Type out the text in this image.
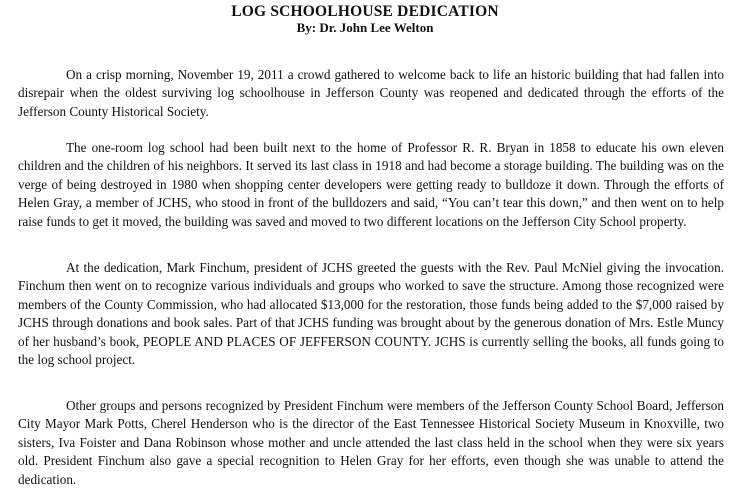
LOG SCHOOLHOUSE DEDICATION
By: Dr. John Lee Welton

On a crisp morning, November 19, 2011 a crowd gathered to welcome back to life an historic building that had fallen into disrepair when the oldest surviving log schoolhouse in Jefferson County was reopened and dedicated through the efforts of the Jefferson County Historical Society.

The one-room log school had been built next to the home of Professor R. R. Bryan in 1858 to educate his own eleven children and the children of his neighbors. It served its last class in 1918 and had become a storage building. The building was on the verge of being destroyed in 1980 when shopping center developers were getting ready to bulldoze it down. Through the efforts of Helen Gray, a member of JCHS, who stood in front of the bulldozers and said, “You can’t tear this down,” and then went on to help raise funds to get it moved, the building was saved and moved to two different locations on the Jefferson City School property.

At the dedication, Mark Finchum, president of JCHS greeted the guests with the Rev. Paul McNiel giving the invocation. Finchum then went on to recognize various individuals and groups who worked to save the structure. Among those recognized were members of the County Commission, who had allocated $13,000 for the restoration, those funds being added to the $7,000 raised by JCHS through donations and book sales. Part of that JCHS funding was brought about by the generous donation of Mrs. Estle Muncy of her husband’s book, PEOPLE AND PLACES OF JEFFERSON COUNTY. JCHS is currently selling the books, all funds going to the log school project.

Other groups and persons recognized by President Finchum were members of the Jefferson County School Board, Jefferson City Mayor Mark Potts, Cherel Henderson who is the director of the East Tennessee Historical Society Museum in Knoxville, two sisters, Iva Foister and Dana Robinson whose mother and uncle attended the last class held in the school when they were six years old. President Finchum also gave a special recognition to Helen Gray for her efforts, even though she was unable to attend the dedication.
